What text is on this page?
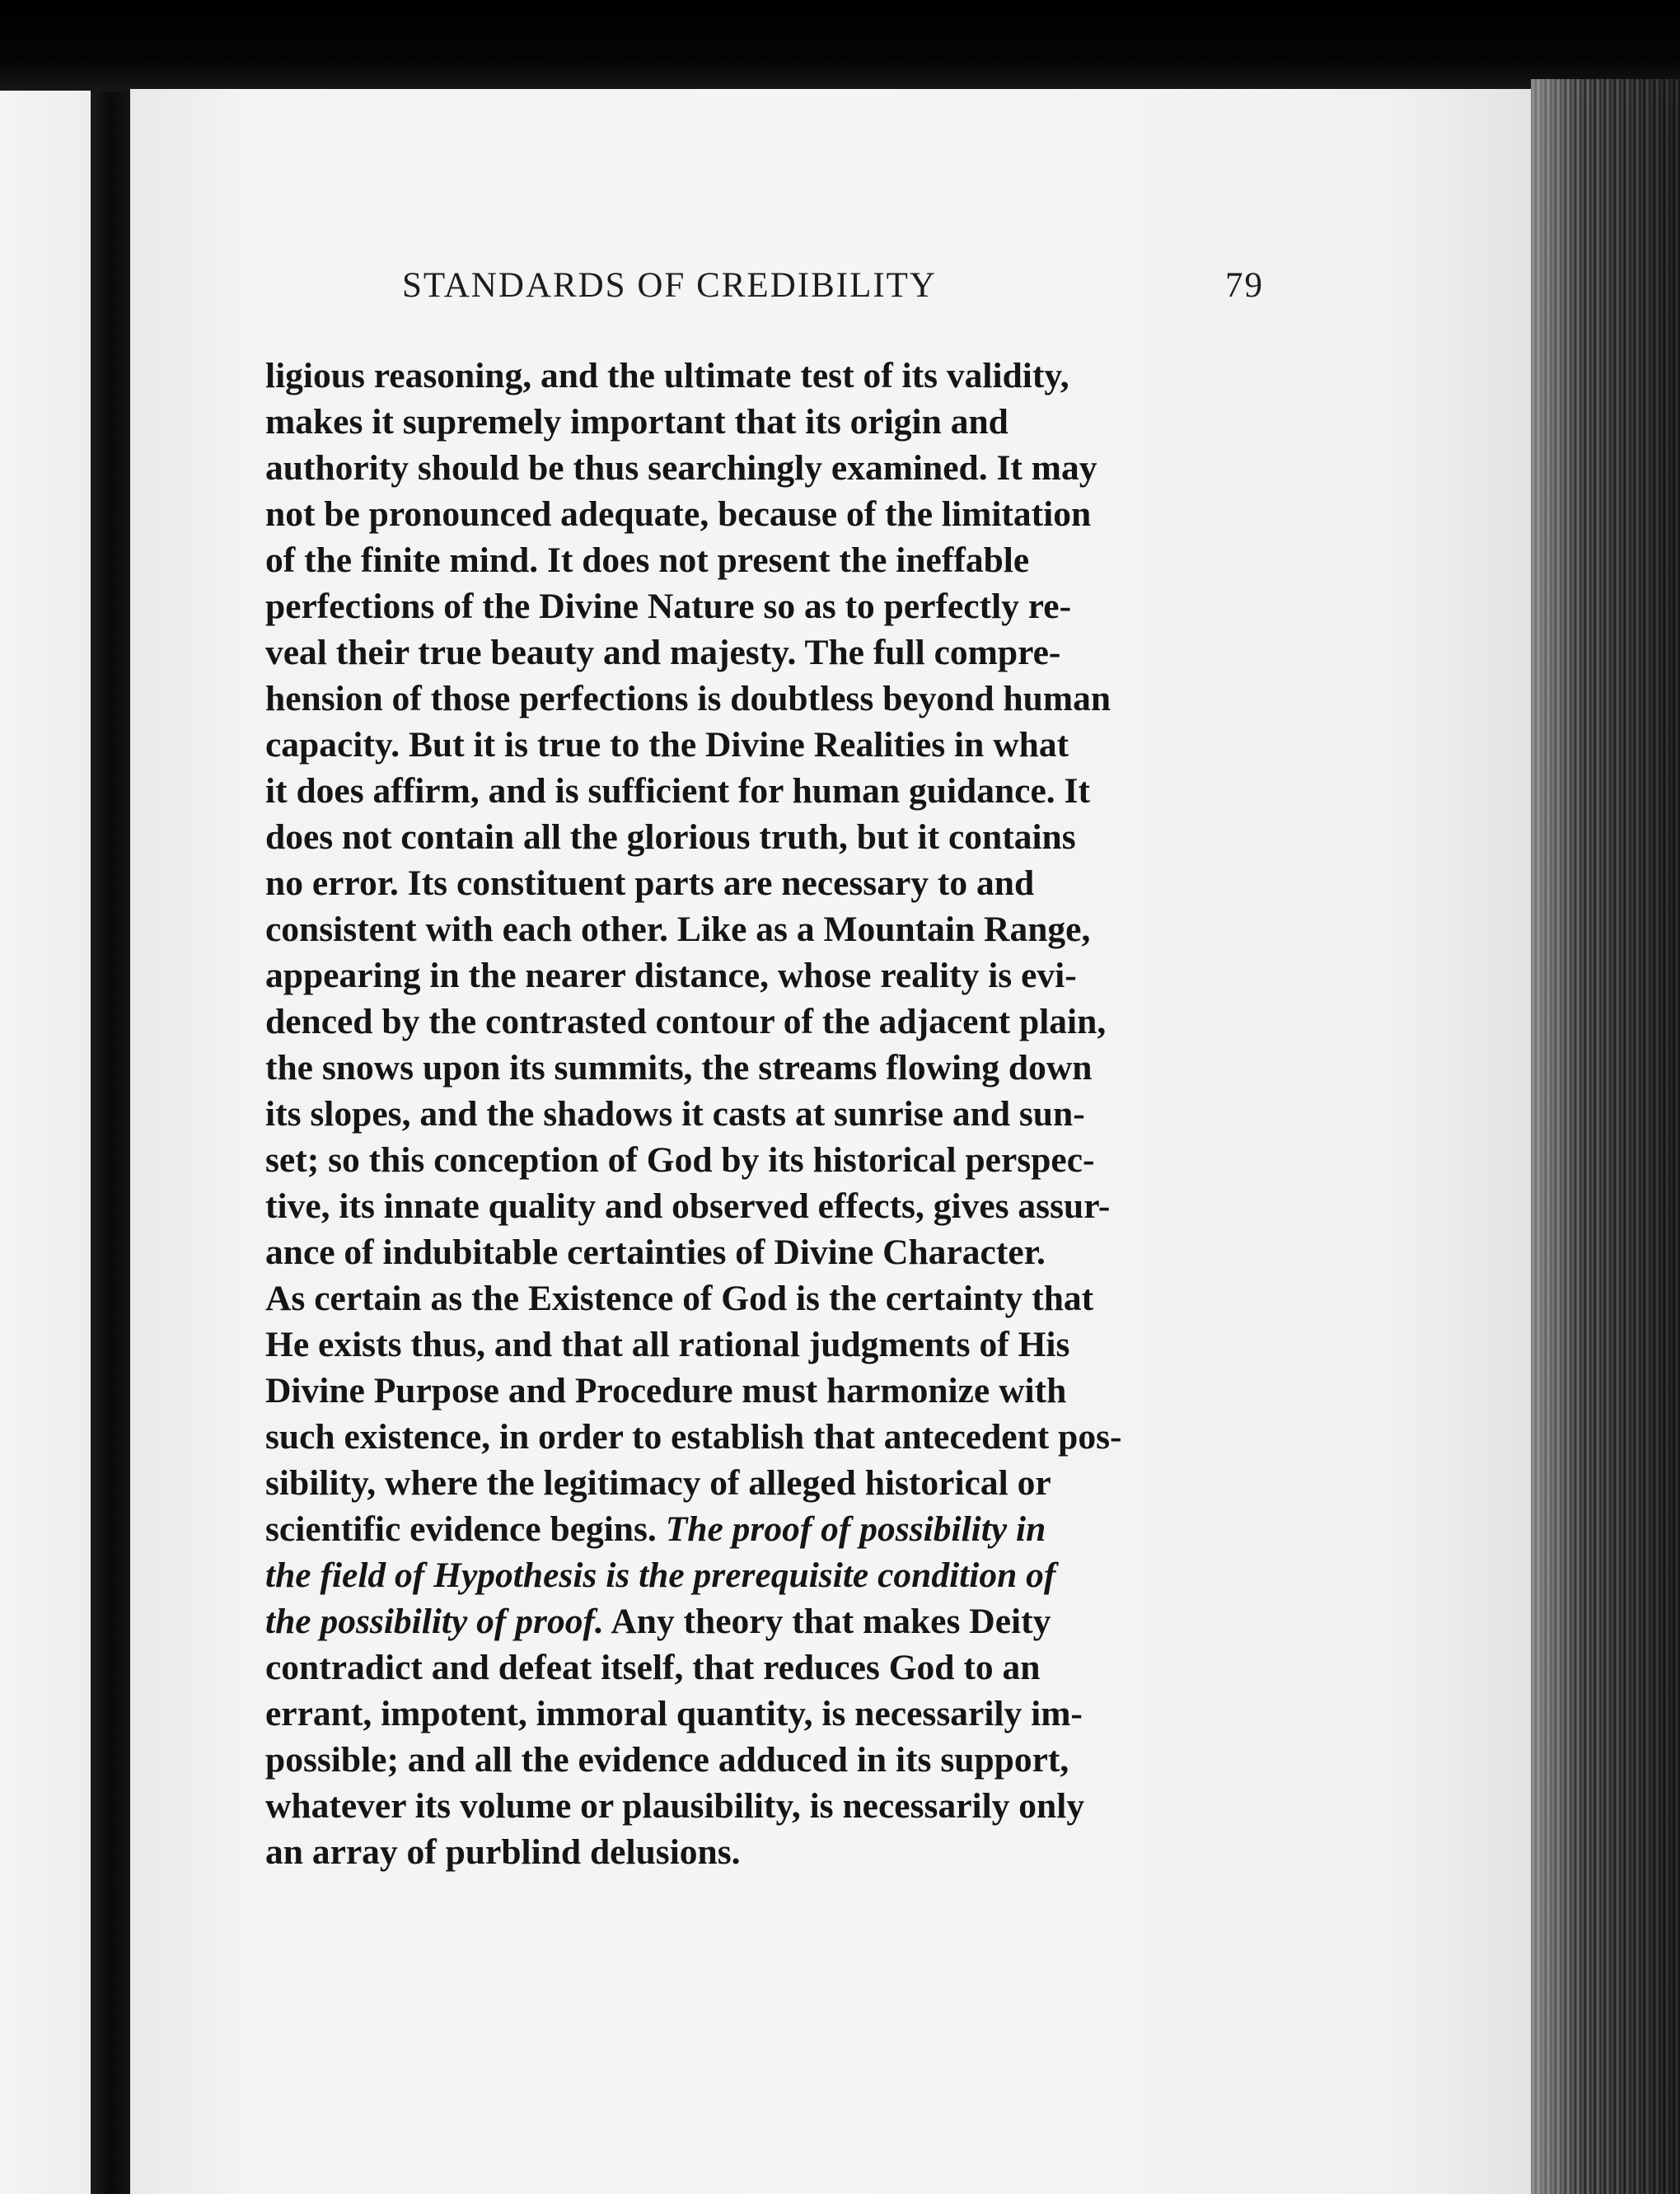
STANDARDS OF CREDIBILITY	79
ligious reasoning, and the ultimate test of its validity,
makes it supremely important that its origin and
authority should be thus searchingly examined. It may
not be pronounced adequate, because of the limitation
of the finite mind. It does not present the ineffable
perfections of the Divine Nature so as to perfectly re-
veal their true beauty and majesty. The full compre-
hension of those perfections is doubtless beyond human
capacity. But it is true to the Divine Realities in what
it does affirm, and is sufficient for human guidance. It
does not contain all the glorious truth, but it contains
no error. Its constituent parts are necessary to and
consistent with each other. Like as a Mountain Range,
appearing in the nearer distance, whose reality is evi-
denced by the contrasted contour of the adjacent plain,
the snows upon its summits, the streams flowing down
its slopes, and the shadows it casts at sunrise and sun-
set; so this conception of God by its historical perspec-
tive, its innate quality and observed effects, gives assur-
ance of indubitable certainties of Divine Character.
As certain as the Existence of God is the certainty that
He exists thus, and that all rational judgments of His
Divine Purpose and Procedure must harmonize with
such existence, in order to establish that antecedent pos-
sibility, where the legitimacy of alleged historical or
scientific evidence begins. The proof of possibility in
the field of Hypothesis is the prerequisite condition of
the possibility of proof. Any theory that makes Deity
contradict and defeat itself, that reduces God to an
errant, impotent, immoral quantity, is necessarily im-
possible; and all the evidence adduced in its support,
whatever its volume or plausibility, is necessarily only
an array of purblind delusions.
